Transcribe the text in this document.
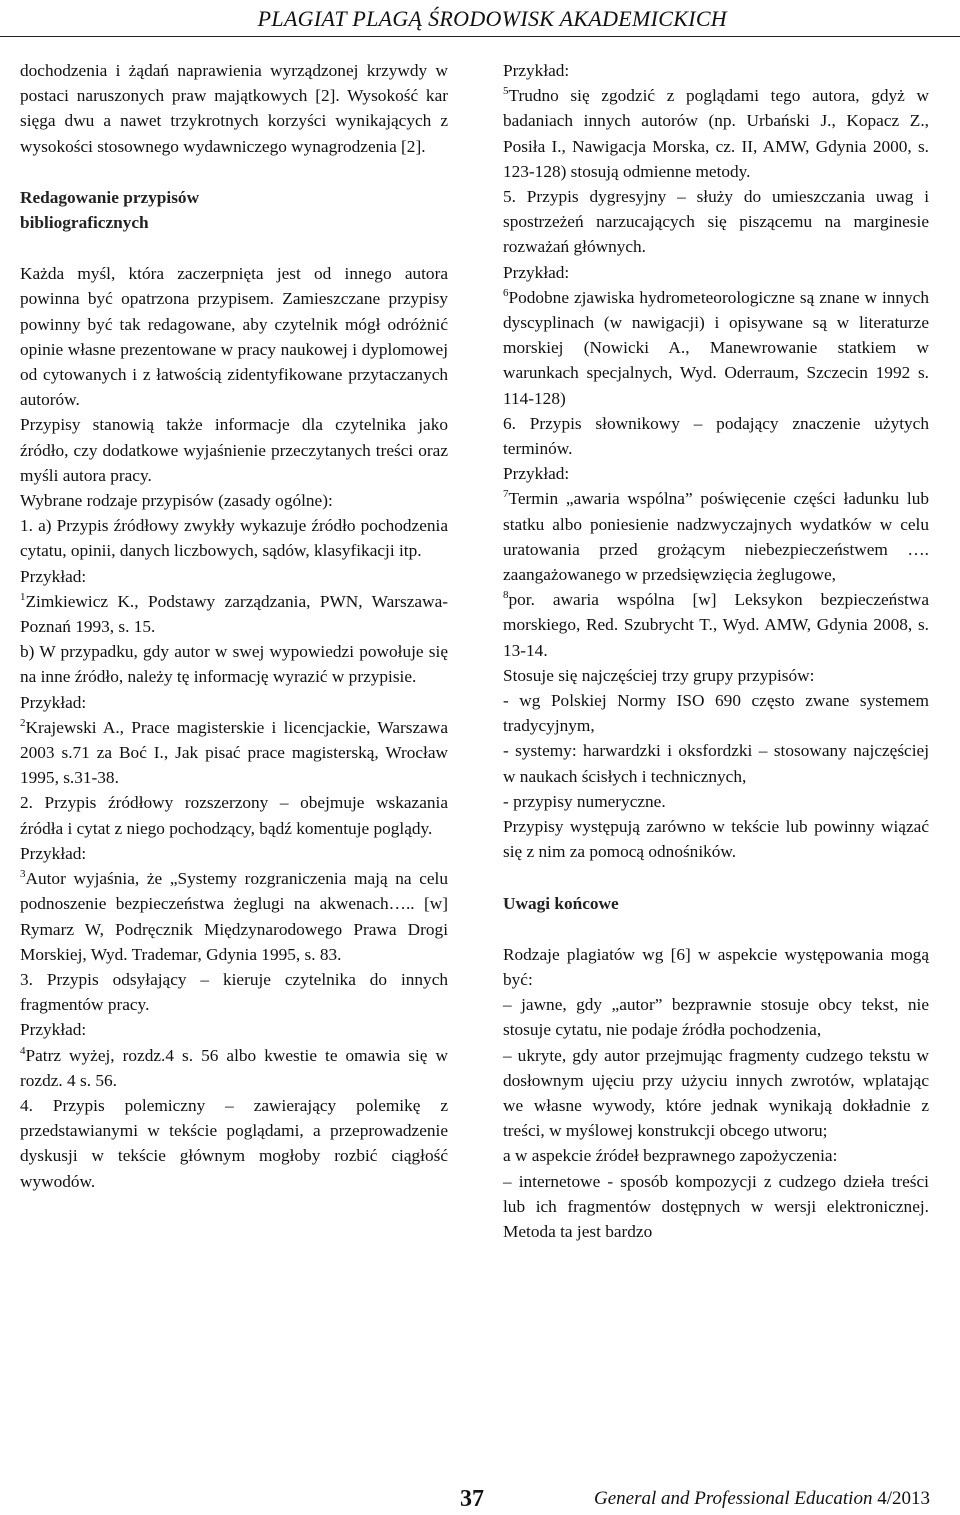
PLAGIAT PLAGĄ ŚRODOWISK AKADEMICKICH

dochodzenia i żądań naprawienia wyrządzonej krzywdy w postaci naruszonych praw majątkowych [2]. Wysokość kar sięga dwu a nawet trzykrotnych korzyści wynikających z wysokości stosownego wydawniczego wynagrodzenia [2].

Redagowanie przypisów
bibliograficznych

Każda myśl, która zaczerpnięta jest od innego autora powinna być opatrzona przypisem. Zamieszczane przypisy powinny być tak redagowane, aby czytelnik mógł odróżnić opinie własne prezentowane w pracy naukowej i dyplomowej od cytowanych i z łatwością zidentyfikowane przytaczanych autorów.

Przypisy stanowią także informacje dla czytelnika jako źródło, czy dodatkowe wyjaśnienie przeczytanych treści oraz myśli autora pracy.

Wybrane rodzaje przypisów (zasady ogólne):

1. a) Przypis źródłowy zwykły wykazuje źródło pochodzenia cytatu, opinii, danych liczbowych, sądów, klasyfikacji itp.

Przykład:

$^1$Zimkiewicz K., Podstawy zarządzania, PWN, Warszawa-Poznań 1993, s. 15.

b) W przypadku, gdy autor w swej wypowiedzi powołuje się na inne źródło, należy tę informację wyrazić w przypisie.

Przykład:

$^2$Krajewski A., Prace magisterskie i licencjackie, Warszawa 2003 s.71 za Boć I., Jak pisać prace magisterską, Wrocław 1995, s.31-38.

2. Przypis źródłowy rozszerzony – obejmuje wskazania źródła i cytat z niego pochodzący, bądź komentuje poglądy.

Przykład:

$^3$Autor wyjaśnia, że „Systemy rozgraniczenia mają na celu podnoszenie bezpieczeństwa żeglugi na akwenach….. [w] Rymarz W, Podręcznik Międzynarodowego Prawa Drogi Morskiej, Wyd. Trademar, Gdynia 1995, s. 83.

3. Przypis odsyłający – kieruje czytelnika do innych fragmentów pracy.

Przykład:

$^4$Patrz wyżej, rozdz.4 s. 56 albo kwestie te omawia się w rozdz. 4 s. 56.

4. Przypis polemiczny – zawierający polemikę z przedstawianymi w tekście poglądami, a przeprowadzenie dyskusji w tekście głównym mogłoby rozbić ciągłość wywodów.

Przykład:

$^5$Trudno się zgodzić z poglądami tego autora, gdyż w badaniach innych autorów (np. Urbański J., Kopacz Z., Posiła I., Nawigacja Morska, cz. II, AMW, Gdynia 2000, s. 123-128) stosują odmienne metody.

5. Przypis dygresyjny – służy do umieszczania uwag i spostrzeżeń narzucających się piszącemu na marginesie rozważań głównych.

Przykład:

$^6$Podobne zjawiska hydrometeorologiczne są znane w innych dyscyplinach (w nawigacji) i opisywane są w literaturze morskiej (Nowicki A., Manewrowanie statkiem w warunkach specjalnych, Wyd. Oderraum, Szczecin 1992 s. 114-128)

6. Przypis słownikowy – podający znaczenie użytych terminów.

Przykład:

$^7$Termin „awaria wspólna” poświęcenie części ładunku lub statku albo poniesienie nadzwyczajnych wydatków w celu uratowania przed grożącym niebezpieczeństwem …. zaangażowanego w przedsięwzięcia żeglugowe,
$^8$por. awaria wspólna [w] Leksykon bezpieczeństwa morskiego, Red. Szubrycht T., Wyd. AMW, Gdynia 2008, s. 13-14.

Stosuje się najczęściej trzy grupy przypisów:

- wg Polskiej Normy ISO 690 często zwane systemem tradycyjnym,

- systemy: harwardzki i oksfordzki – stosowany najczęściej w naukach ścisłych i technicznych,

- przypisy numeryczne.

Przypisy występują zarówno w tekście lub powinny wiązać się z nim za pomocą odnośników.

Uwagi końcowe

Rodzaje plagiatów wg [6] w aspekcie występowania mogą być:

– jawne, gdy „autor” bezprawnie stosuje obcy tekst, nie stosuje cytatu, nie podaje źródła pochodzenia,

– ukryte, gdy autor przejmując fragmenty cudzego tekstu w dosłownym ujęciu przy użyciu innych zwrotów, wplatając we własne wywody, które jednak wynikają dokładnie z treści, w myślowej konstrukcji obcego utworu;

a w aspekcie źródeł bezprawnego zapożyczenia:

– internetowe - sposób kompozycji z cudzego dzieła treści lub ich fragmentów dostępnych w wersji elektronicznej. Metoda ta jest bardzo

37	General and Professional Education 4/2013
